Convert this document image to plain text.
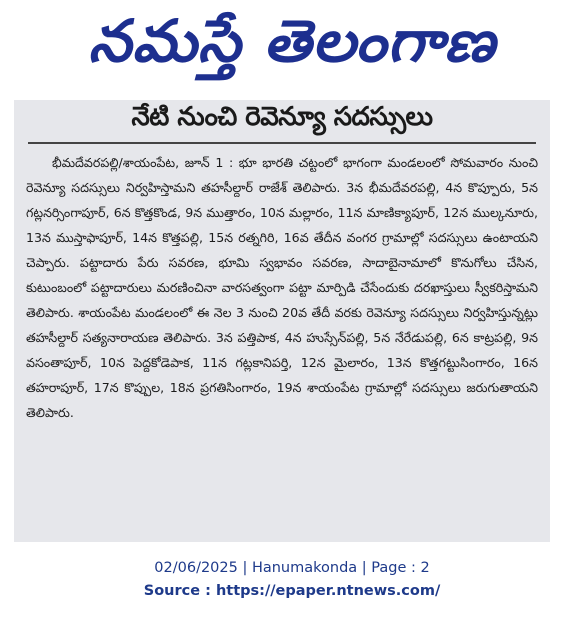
నమస్తే తెలంగాణ
నేటి నుంచి రెవెన్యూ సదస్సులు

భీమదేవరపల్లి/శాయంపేట, జూన్ 1 : భూ భారతి చట్టంలో భాగంగా మండలంలో సోమవారం నుంచి రెవెన్యూ సదస్సులు నిర్వహిస్తామని తహసీల్దార్ రాజేశ్ తెలిపారు. 3న భీమదేవరపల్లి, 4న కొప్పూరు, 5న గట్లనర్సింగాపూర్, 6న కొత్తకొండ, 9న ముత్తారం, 10న మల్లారం, 11న మాణిక్యాపూర్, 12న ముల్కనూరు, 13న ముస్తాఫాపూర్, 14న కొత్తపల్లి, 15న రత్నగిరి, 16వ తేదీన వంగర గ్రామాల్లో సదస్సులు ఉంటాయని చెప్పారు. పట్టాదారు పేరు సవరణ, భూమి స్వభావం సవరణ, సాదాబైనామాలో కొనుగోలు చేసిన, కుటుంబంలో పట్టాదారులు మరణించినా వారసత్వంగా పట్టా మార్పిడి చేసేందుకు దరఖాస్తులు స్వీకరిస్తామని తెలిపారు. శాయంపేట మండలంలో ఈ నెల 3 నుంచి 20వ తేదీ వరకు రెవెన్యూ సదస్సులు నిర్వహిస్తున్నట్లు తహసీల్దార్ సత్యనారాయణ తెలిపారు. 3న పత్తిపాక, 4న హుస్సేన్‌పల్లి, 5న నేరేడుపల్లి, 6న కాట్రపల్లి, 9న వసంతాపూర్, 10న పెద్దకోడెపాక, 11న గట్లకానిపర్తి, 12న మైలారం, 13న కొత్తగట్టుసింగారం, 16న తహరాపూర్, 17న కొప్పుల, 18న ప్రగతిసింగారం, 19న శాయంపేట గ్రామాల్లో సదస్సులు జరుగుతాయని తెలిపారు.

02/06/2025 | Hanumakonda | Page : 2
Source : https://epaper.ntnews.com/
